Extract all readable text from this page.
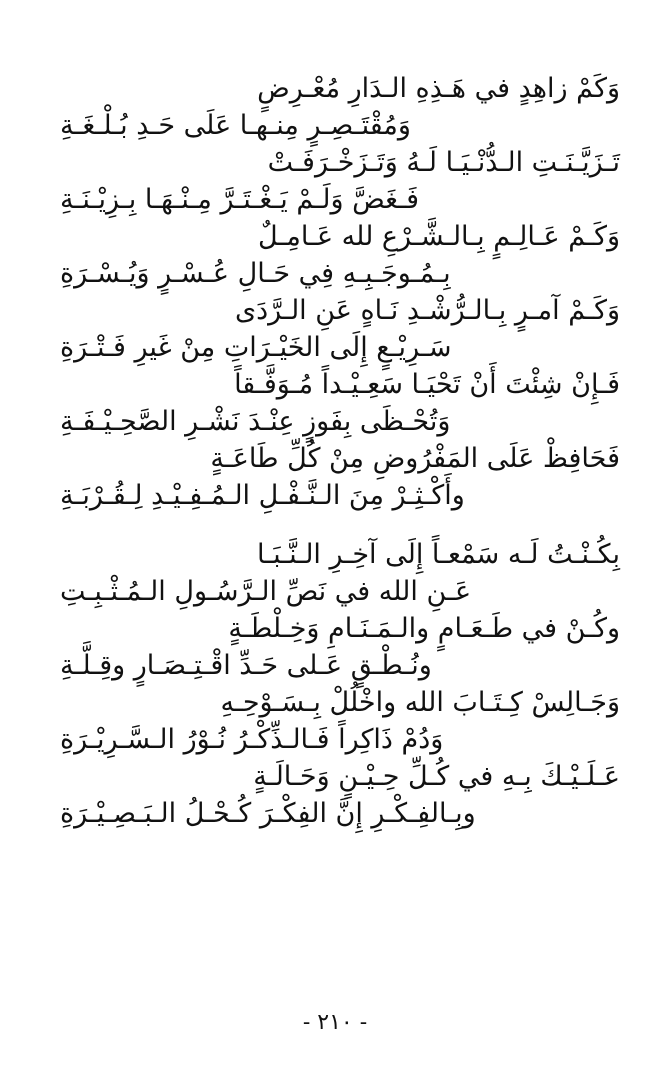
وَكَمْ زاهِدٍ في هَـذِهِ الـدَارِ مُعْـرِضٍ
وَمُقْتَـصِـرٍ مِنـهـا عَلَى حَـدِ بُـلْـغَـةِ
تَـزَيَّـنَـتِ الـدُّنْـيَـا لَـهُ وَتَـزَخْـرَفَـتْ
فَـغَضَّ وَلَـمْ يَـغْـتَـرَّ مِـنْـهَـا بِـزِيْـنَـةِ
وَكَـمْ عَـالِـمٍ بِـالـشَّـرْعِ لله عَـامِـلٌ
بِـمُـوجَـبِـهِ فِي حَـالِ عُـسْـرٍ وَيُـسْـرَةِ
وَكَـمْ آمـرٍ بِـالـرُّشْـدِ نَـاهٍ عَنِ الـرَّدَى
سَـرِيْـعٍ إِلَى الخَيْـرَاتِ مِنْ غَيرِ فَـتْـرَةِ
فَـإِنْ شِئْتَ أَنْ تَحْيَـا سَعِـيْـداً مُـوَفَّـقاً
وَتُحْـظَى بِفَوزٍ عِنْـدَ نَشْـرِ الصَّحِـيْـفَـةِ
فَحَافِظْ عَلَى المَفْرُوضِ مِنْ كُلِّ طَاعَـةٍ
وأَكْـثِـرْ مِنَ الـنَّـفْـلِ الـمُـفِـيْـدِ لِـقُـرْبَـةِ
بِكُـنْـتُ لَـه سَمْعـاً إِلَى آخِـرِ الـنَّـبَـا
عَـنِ الله في نَصِّ الـرَّسُـولِ الـمُـثْـبِـتِ
وكُـنْ في طَـعَـامٍ والـمَـنَـامِ وَخِـلْطَـةٍ
ونُـطْـقٍ عَـلى حَـدِّ اقْـتِـصَـارٍ وقِـلَّـةِ
وَجَـالِسْ كِـتَـابَ الله واخْلُلْ بِـسَـوْحِـهِ
وَدُمْ ذَاكِراً فَـالـذِّكْـرُ نُـوْرُ الـسَّـرِيْـرَةِ
عَـلَـيْـكَ بِـهِ في كُـلِّ حِـيْـنٍ وَحَـالَـةٍ
وبِـالفِـكْـرِ إِنَّ الفِكْـرَ كُـحْـلُ الـبَـصِـيْـرَةِ
- ٢١٠ -
